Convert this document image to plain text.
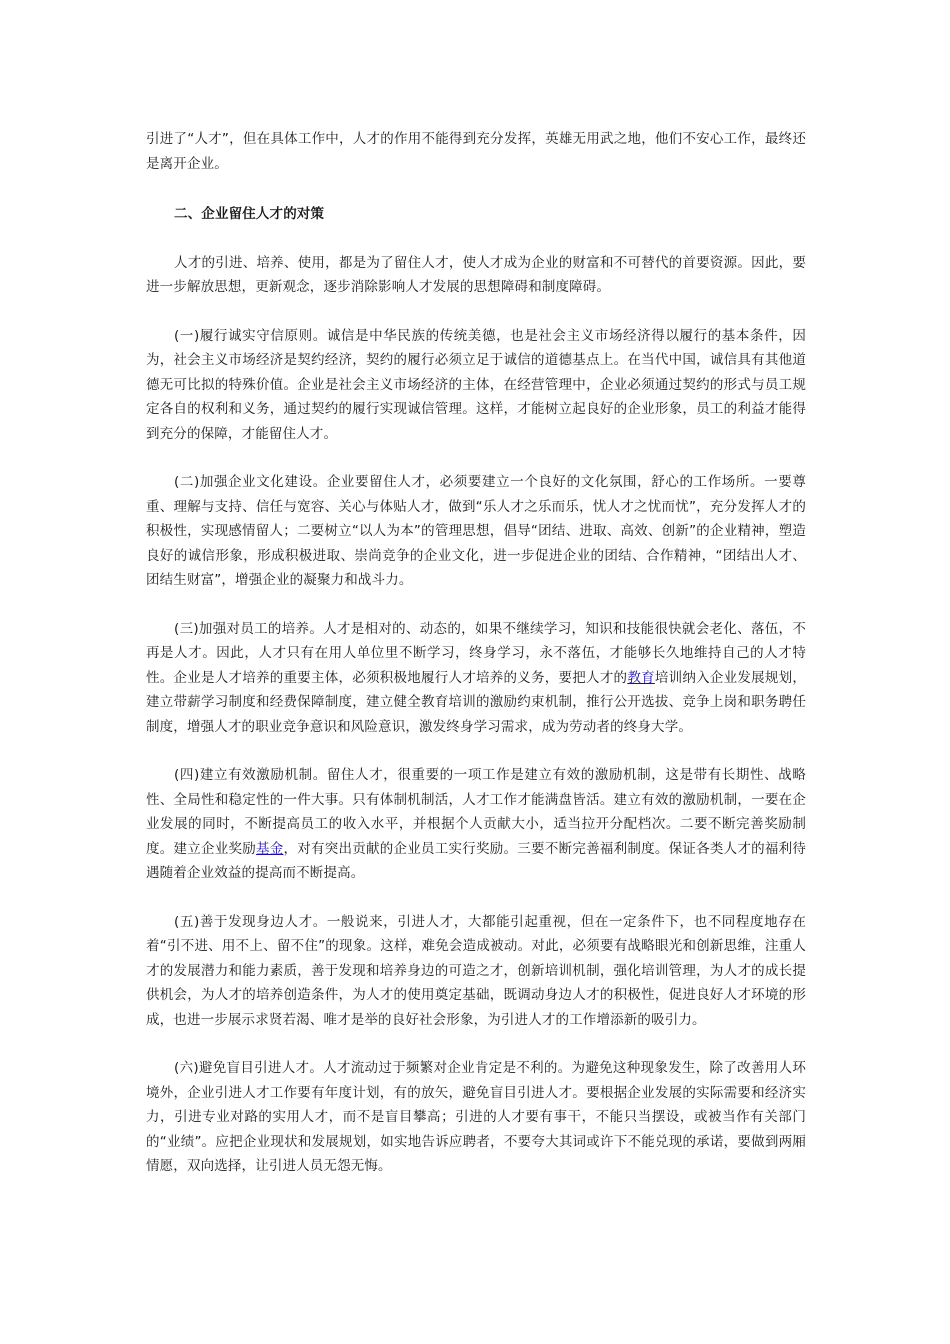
引进了“人才”，但在具体工作中，人才的作用不能得到充分发挥，英雄无用武之地，他们不安心工作，最终还是离开企业。

二、企业留住人才的对策

人才的引进、培养、使用，都是为了留住人才，使人才成为企业的财富和不可替代的首要资源。因此，要进一步解放思想，更新观念，逐步消除影响人才发展的思想障碍和制度障碍。

(一)履行诚实守信原则。诚信是中华民族的传统美德，也是社会主义市场经济得以履行的基本条件，因为，社会主义市场经济是契约经济，契约的履行必须立足于诚信的道德基点上。在当代中国，诚信具有其他道德无可比拟的特殊价值。企业是社会主义市场经济的主体，在经营管理中，企业必须通过契约的形式与员工规定各自的权利和义务，通过契约的履行实现诚信管理。这样，才能树立起良好的企业形象，员工的利益才能得到充分的保障，才能留住人才。

(二)加强企业文化建设。企业要留住人才，必须要建立一个良好的文化氛围，舒心的工作场所。一要尊重、理解与支持、信任与宽容、关心与体贴人才，做到“乐人才之乐而乐，忧人才之忧而忧”，充分发挥人才的积极性，实现感情留人；二要树立“以人为本”的管理思想，倡导“团结、进取、高效、创新”的企业精神，塑造良好的诚信形象，形成积极进取、崇尚竞争的企业文化，进一步促进企业的团结、合作精神，“团结出人才、团结生财富”，增强企业的凝聚力和战斗力。

(三)加强对员工的培养。人才是相对的、动态的，如果不继续学习，知识和技能很快就会老化、落伍，不再是人才。因此，人才只有在用人单位里不断学习，终身学习，永不落伍，才能够长久地维持自己的人才特性。企业是人才培养的重要主体，必须积极地履行人才培养的义务，要把人才的教育培训纳入企业发展规划，建立带薪学习制度和经费保障制度，建立健全教育培训的激励约束机制，推行公开选拔、竞争上岗和职务聘任制度，增强人才的职业竞争意识和风险意识，激发终身学习需求，成为劳动者的终身大学。

(四)建立有效激励机制。留住人才，很重要的一项工作是建立有效的激励机制，这是带有长期性、战略性、全局性和稳定性的一件大事。只有体制机制活，人才工作才能满盘皆活。建立有效的激励机制，一要在企业发展的同时，不断提高员工的收入水平，并根据个人贡献大小，适当拉开分配档次。二要不断完善奖励制度。建立企业奖励基金，对有突出贡献的企业员工实行奖励。三要不断完善福利制度。保证各类人才的福利待遇随着企业效益的提高而不断提高。

(五)善于发现身边人才。一般说来，引进人才，大都能引起重视，但在一定条件下，也不同程度地存在着“引不进、用不上、留不住”的现象。这样，难免会造成被动。对此，必须要有战略眼光和创新思维，注重人才的发展潜力和能力素质，善于发现和培养身边的可造之才，创新培训机制，强化培训管理，为人才的成长提供机会，为人才的培养创造条件，为人才的使用奠定基础，既调动身边人才的积极性，促进良好人才环境的形成，也进一步展示求贤若渴、唯才是举的良好社会形象，为引进人才的工作增添新的吸引力。

(六)避免盲目引进人才。人才流动过于频繁对企业肯定是不利的。为避免这种现象发生，除了改善用人环境外，企业引进人才工作要有年度计划，有的放矢，避免盲目引进人才。要根据企业发展的实际需要和经济实力，引进专业对路的实用人才，而不是盲目攀高；引进的人才要有事干，不能只当摆设，或被当作有关部门的“业绩”。应把企业现状和发展规划，如实地告诉应聘者，不要夸大其词或许下不能兑现的承诺，要做到两厢情愿，双向选择，让引进人员无怨无悔。
